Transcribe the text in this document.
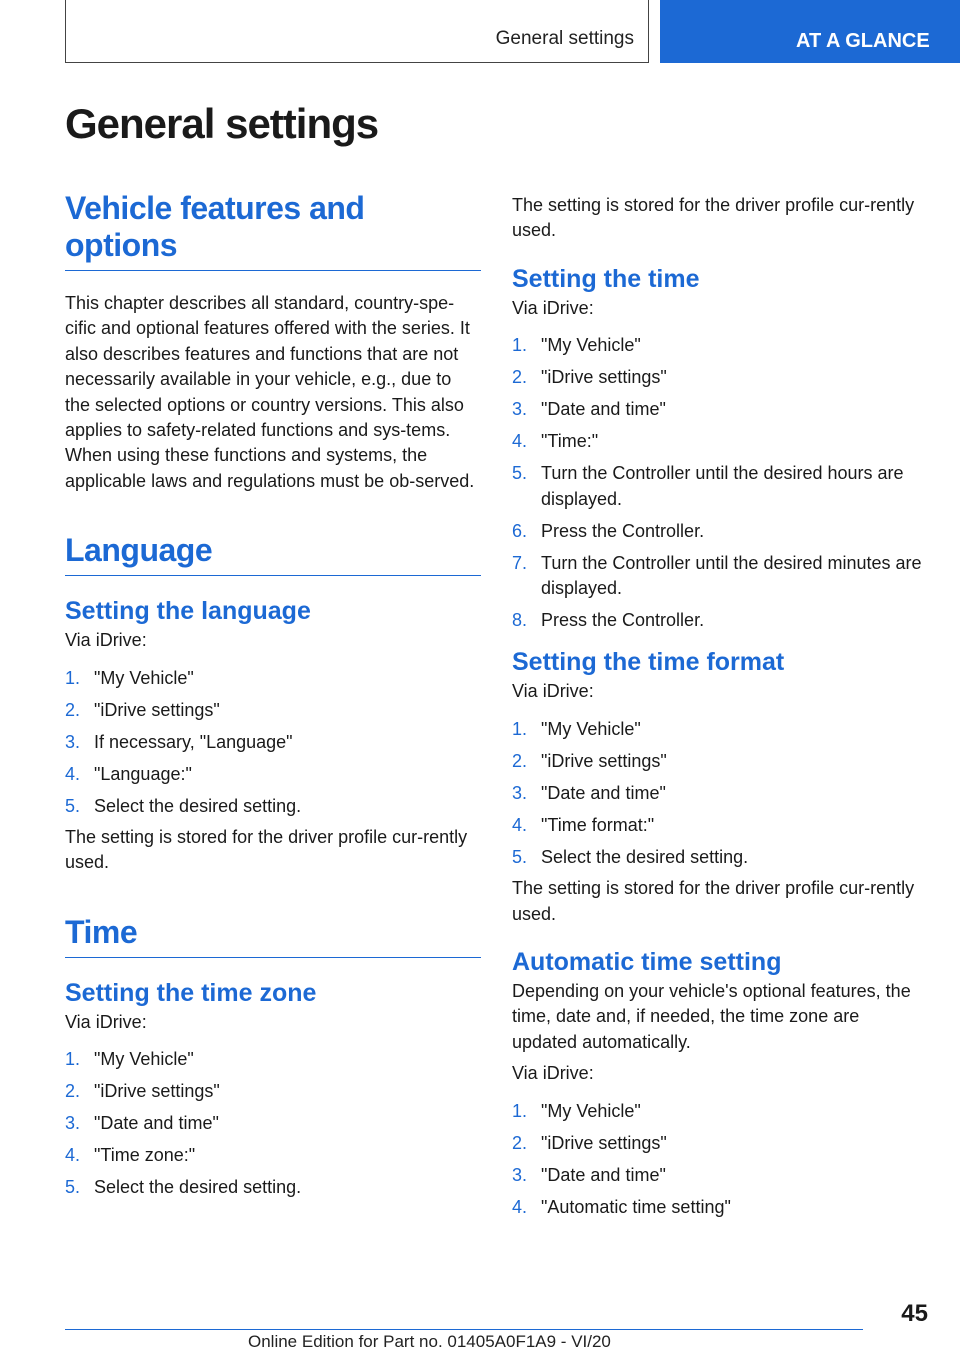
General settings	AT A GLANCE
General settings
Vehicle features and options

This chapter describes all standard, country-spe-cific and optional features offered with the series. It also describes features and functions that are not necessarily available in your vehicle, e.g., due to the selected options or country versions. This also applies to safety-related functions and sys-tems. When using these functions and systems, the applicable laws and regulations must be ob-served.

Language
Setting the language

Via iDrive:

1. "My Vehicle"
2. "iDrive settings"
3. If necessary, "Language"
4. "Language:"
5. Select the desired setting.

The setting is stored for the driver profile cur-rently used.

Time
Setting the time zone

Via iDrive:

1. "My Vehicle"
2. "iDrive settings"
3. "Date and time"
4. "Time zone:"
5. Select the desired setting.

The setting is stored for the driver profile cur-rently used.

Setting the time

Via iDrive:

1. "My Vehicle"
2. "iDrive settings"
3. "Date and time"
4. "Time:"
5. Turn the Controller until the desired hours are displayed.
6. Press the Controller.
7. Turn the Controller until the desired minutes are displayed.
8. Press the Controller.
Setting the time format

Via iDrive:

1. "My Vehicle"
2. "iDrive settings"
3. "Date and time"
4. "Time format:"
5. Select the desired setting.

The setting is stored for the driver profile cur-rently used.

Automatic time setting

Depending on your vehicle's optional features, the time, date and, if needed, the time zone are updated automatically.

Via iDrive:

1. "My Vehicle"
2. "iDrive settings"
3. "Date and time"
4. "Automatic time setting"
45
Online Edition for Part no. 01405A0F1A9 - VI/20
